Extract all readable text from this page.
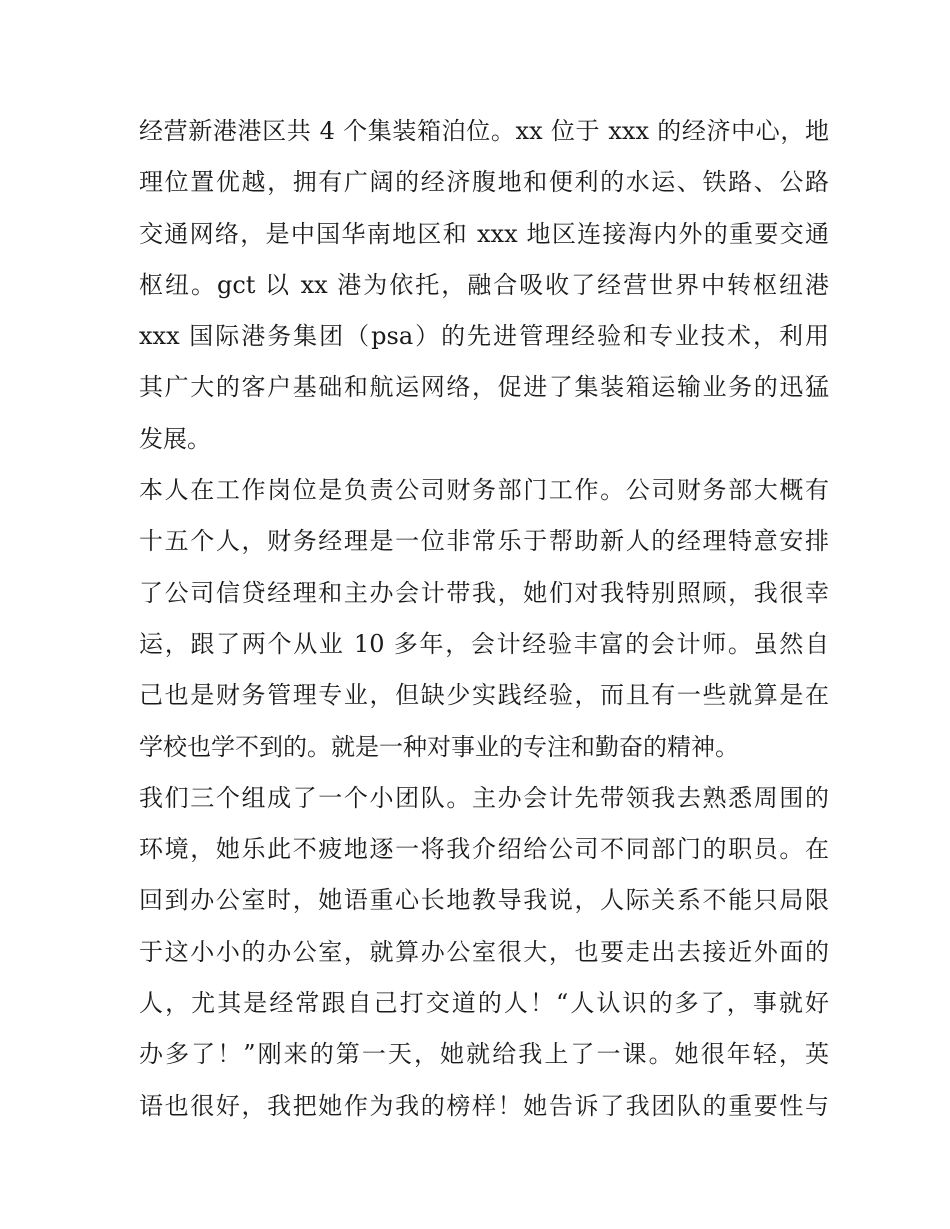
经营新港港区共 4 个集装箱泊位。xx 位于 xxx 的经济中心，地
理位置优越，拥有广阔的经济腹地和便利的水运、铁路、公路
交通网络，是中国华南地区和 xxx 地区连接海内外的重要交通
枢纽。gct 以 xx 港为依托，融合吸收了经营世界中转枢纽港
xxx 国际港务集团（psa）的先进管理经验和专业技术，利用
其广大的客户基础和航运网络，促进了集装箱运输业务的迅猛
发展。
本人在工作岗位是负责公司财务部门工作。公司财务部大概有
十五个人，财务经理是一位非常乐于帮助新人的经理特意安排
了公司信贷经理和主办会计带我，她们对我特别照顾，我很幸
运，跟了两个从业 10 多年，会计经验丰富的会计师。虽然自
己也是财务管理专业，但缺少实践经验，而且有一些就算是在
学校也学不到的。就是一种对事业的专注和勤奋的精神。
我们三个组成了一个小团队。主办会计先带领我去熟悉周围的
环境，她乐此不疲地逐一将我介绍给公司不同部门的职员。在
回到办公室时，她语重心长地教导我说，人际关系不能只局限
于这小小的办公室，就算办公室很大，也要走出去接近外面的
人，尤其是经常跟自己打交道的人！“人认识的多了，事就好
办多了！”刚来的第一天，她就给我上了一课。她很年轻，英
语也很好，我把她作为我的榜样！她告诉了我团队的重要性与
